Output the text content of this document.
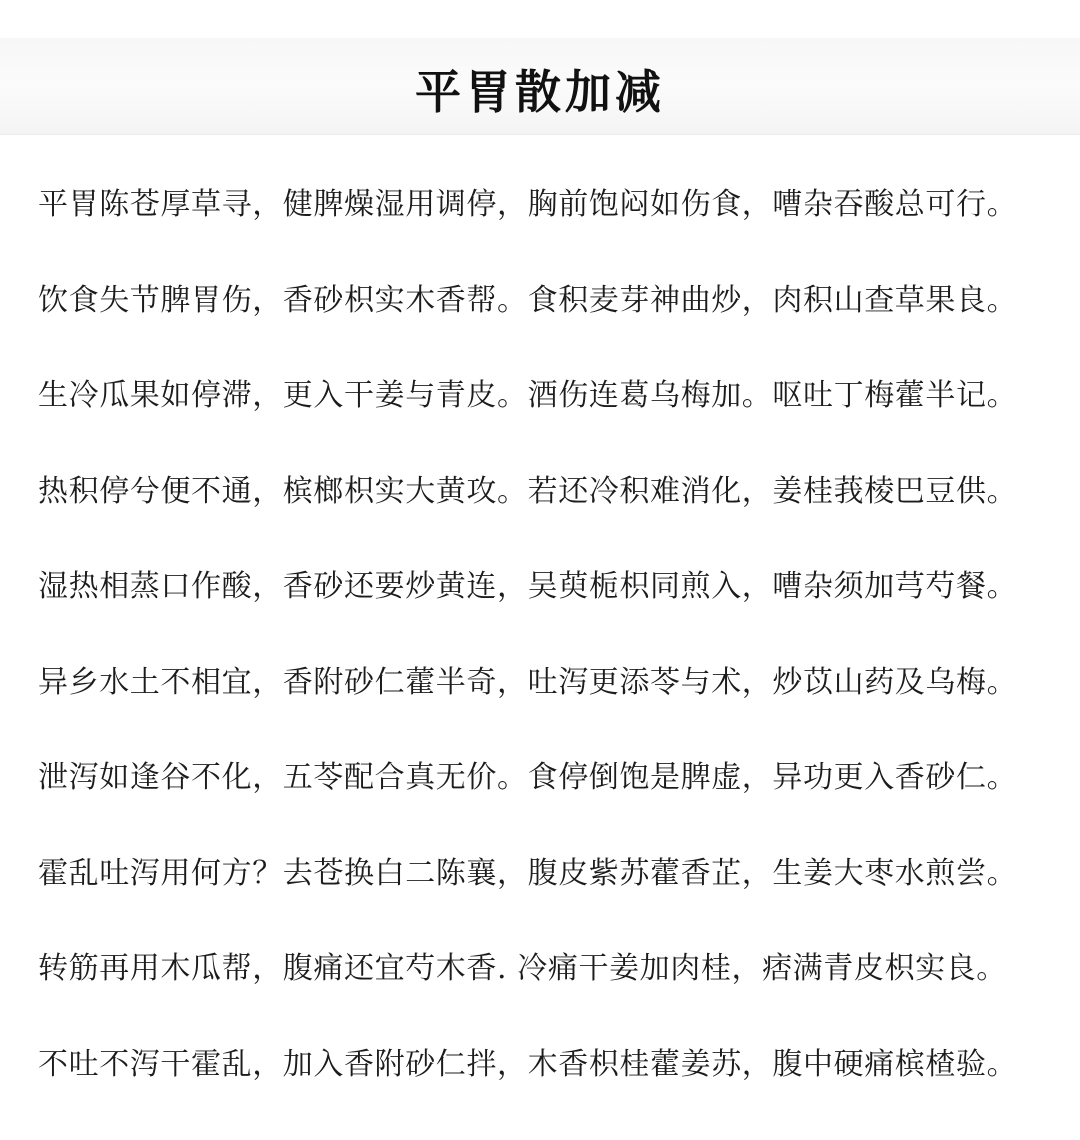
平胃散加减
平胃陈苍厚草寻，健脾燥湿用调停，胸前饱闷如伤食，嘈杂吞酸总可行。
饮食失节脾胃伤，香砂枳实木香帮。食积麦芽神曲炒，肉积山查草果良。
生冷瓜果如停滞，更入干姜与青皮。酒伤连葛乌梅加。呕吐丁梅藿半记。
热积停兮便不通，槟榔枳实大黄攻。若还冷积难消化，姜桂莪棱巴豆供。
湿热相蒸口作酸，香砂还要炒黄连，吴萸栀枳同煎入，嘈杂须加芎芍餐。
异乡水土不相宜，香附砂仁藿半奇，吐泻更添苓与术，炒苡山药及乌梅。
泄泻如逢谷不化，五苓配合真无价。食停倒饱是脾虚，异功更入香砂仁。
霍乱吐泻用何方？去苍换白二陈襄，腹皮紫苏藿香芷，生姜大枣水煎尝。
转筋再用木瓜帮，腹痛还宜芍木香. 冷痛干姜加肉桂，痞满青皮枳实良。
不吐不泻干霍乱，加入香附砂仁拌，木香枳桂藿姜苏，腹中硬痛槟楂验。
